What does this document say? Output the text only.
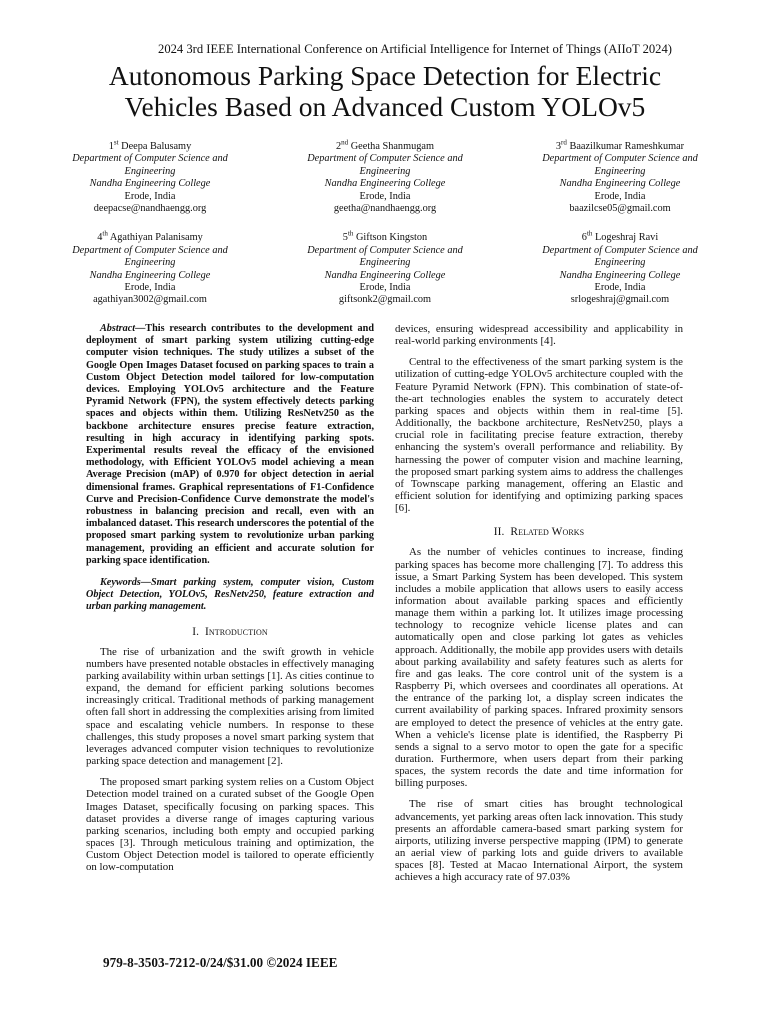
2024 3rd IEEE International Conference on Artificial Intelligence for Internet of Things (AIIoT 2024)
Autonomous Parking Space Detection for Electric
Vehicles Based on Advanced Custom YOLOv5
1st Deepa Balusamy
Department of Computer Science and
Engineering
Nandha Engineering College
Erode, India
deepacse@nandhaengg.org
2nd Geetha Shanmugam
Department of Computer Science and
Engineering
Nandha Engineering College
Erode, India
geetha@nandhaengg.org
3rd Baazilkumar Rameshkumar
Department of Computer Science and
Engineering
Nandha Engineering College
Erode, India
baazilcse05@gmail.com
4th Agathiyan Palanisamy
Department of Computer Science and
Engineering
Nandha Engineering College
Erode, India
agathiyan3002@gmail.com
5th Giftson Kingston
Department of Computer Science and
Engineering
Nandha Engineering College
Erode, India
giftsonk2@gmail.com
6th Logeshraj Ravi
Department of Computer Science and
Engineering
Nandha Engineering College
Erode, India
srlogeshraj@gmail.com

Abstract—This research contributes to the development and deployment of smart parking system utilizing cutting-edge computer vision techniques. The study utilizes a subset of the Google Open Images Dataset focused on parking spaces to train a Custom Object Detection model tailored for low-computation devices. Employing YOLOv5 architecture and the Feature Pyramid Network (FPN), the system effectively detects parking spaces and objects within them. Utilizing ResNetv250 as the backbone architecture ensures precise feature extraction, resulting in high accuracy in identifying parking spots. Experimental results reveal the efficacy of the envisioned methodology, with Efficient YOLOv5 model achieving a mean Average Precision (mAP) of 0.970 for object detection in aerial dimensional frames. Graphical representations of F1-Confidence Curve and Precision-Confidence Curve demonstrate the model's robustness in balancing precision and recall, even with an imbalanced dataset. This research underscores the potential of the proposed smart parking system to revolutionize urban parking management, providing an efficient and accurate solution for parking space identification.

Keywords—Smart parking system, computer vision, Custom Object Detection, YOLOv5, ResNetv250, feature extraction and urban parking management.

I. Introduction

The rise of urbanization and the swift growth in vehicle numbers have presented notable obstacles in effectively managing parking availability within urban settings [1]. As cities continue to expand, the demand for efficient parking solutions becomes increasingly critical. Traditional methods of parking management often fall short in addressing the complexities arising from limited space and escalating vehicle numbers. In response to these challenges, this study proposes a novel smart parking system that leverages advanced computer vision techniques to revolutionize parking space detection and management [2].

The proposed smart parking system relies on a Custom Object Detection model trained on a curated subset of the Google Open Images Dataset, specifically focusing on parking spaces. This dataset provides a diverse range of images capturing various parking scenarios, including both empty and occupied parking spaces [3]. Through meticulous training and optimization, the Custom Object Detection model is tailored to operate efficiently on low-computation

devices, ensuring widespread accessibility and applicability in real-world parking environments [4].

Central to the effectiveness of the smart parking system is the utilization of cutting-edge YOLOv5 architecture coupled with the Feature Pyramid Network (FPN). This combination of state-of-the-art technologies enables the system to accurately detect parking spaces and objects within them in real-time [5]. Additionally, the backbone architecture, ResNetv250, plays a crucial role in facilitating precise feature extraction, thereby enhancing the system's overall performance and reliability. By harnessing the power of computer vision and machine learning, the proposed smart parking system aims to address the challenges of Townscape parking management, offering an Elastic and efficient solution for identifying and optimizing parking spaces [6].

II. Related Works

As the number of vehicles continues to increase, finding parking spaces has become more challenging [7]. To address this issue, a Smart Parking System has been developed. This system includes a mobile application that allows users to easily access information about available parking spaces and efficiently manage them within a parking lot. It utilizes image processing technology to recognize vehicle license plates and can automatically open and close parking lot gates as vehicles approach. Additionally, the mobile app provides users with details about parking availability and safety features such as alerts for fire and gas leaks. The core control unit of the system is a Raspberry Pi, which oversees and coordinates all operations. At the entrance of the parking lot, a display screen indicates the current availability of parking spaces. Infrared proximity sensors are employed to detect the presence of vehicles at the entry gate. When a vehicle's license plate is identified, the Raspberry Pi sends a signal to a servo motor to open the gate for a specific duration. Furthermore, when users depart from their parking spaces, the system records the date and time information for billing purposes.

The rise of smart cities has brought technological advancements, yet parking areas often lack innovation. This study presents an affordable camera-based smart parking system for airports, utilizing inverse perspective mapping (IPM) to generate an aerial view of parking lots and guide drivers to available spaces [8]. Tested at Macao International Airport, the system achieves a high accuracy rate of 97.03%

979-8-3503-7212-0/24/$31.00 ©2024 IEEE
